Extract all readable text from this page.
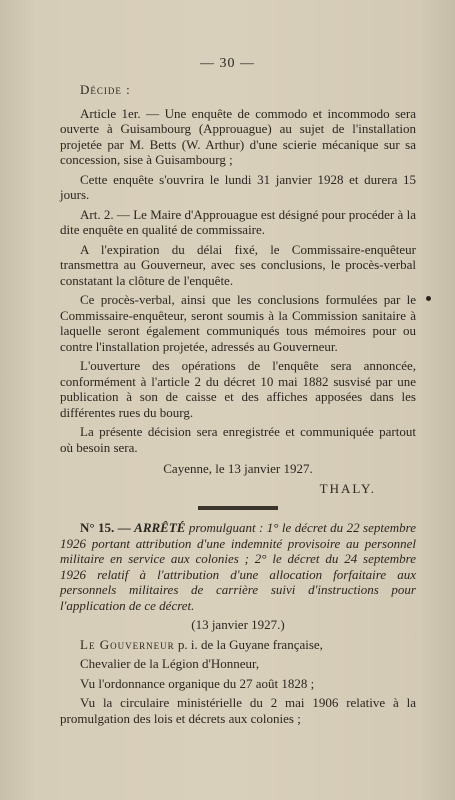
— 30 —

Décide :

Article 1er. — Une enquête de commodo et incommodo sera ouverte à Guisambourg (Approuague) au sujet de l'installation projetée par M. Betts (W. Arthur) d'une scierie mécanique sur sa concession, sise à Guisambourg ;

Cette enquête s'ouvrira le lundi 31 janvier 1928 et durera 15 jours.

Art. 2. — Le Maire d'Approuague est désigné pour procéder à la dite enquête en qualité de commissaire.

A l'expiration du délai fixé, le Commissaire-enquêteur transmettra au Gouverneur, avec ses conclusions, le procès-verbal constatant la clôture de l'enquête.

Ce procès-verbal, ainsi que les conclusions formulées par le Commissaire-enquêteur, seront soumis à la Commission sanitaire à laquelle seront également communiqués tous mémoires pour ou contre l'installation projetée, adressés au Gouverneur.

L'ouverture des opérations de l'enquête sera annoncée, conformément à l'article 2 du décret 10 mai 1882 susvisé par une publication à son de caisse et des affiches apposées dans les différentes rues du bourg.

La présente décision sera enregistrée et communiquée partout où besoin sera.

Cayenne, le 13 janvier 1927.

THALY.

N° 15. — ARRÊTÉ promulguant : 1° le décret du 22 septembre 1926 portant attribution d'une indemnité provisoire au personnel militaire en service aux colonies ; 2° le décret du 24 septembre 1926 relatif à l'attribution d'une allocation forfaitaire aux personnels militaires de carrière suivi d'instructions pour l'application de ce décret.

(13 janvier 1927.)

Le Gouverneur p. i. de la Guyane française,

Chevalier de la Légion d'Honneur,

Vu l'ordonnance organique du 27 août 1828 ;

Vu la circulaire ministérielle du 2 mai 1906 relative à la promulgation des lois et décrets aux colonies ;
